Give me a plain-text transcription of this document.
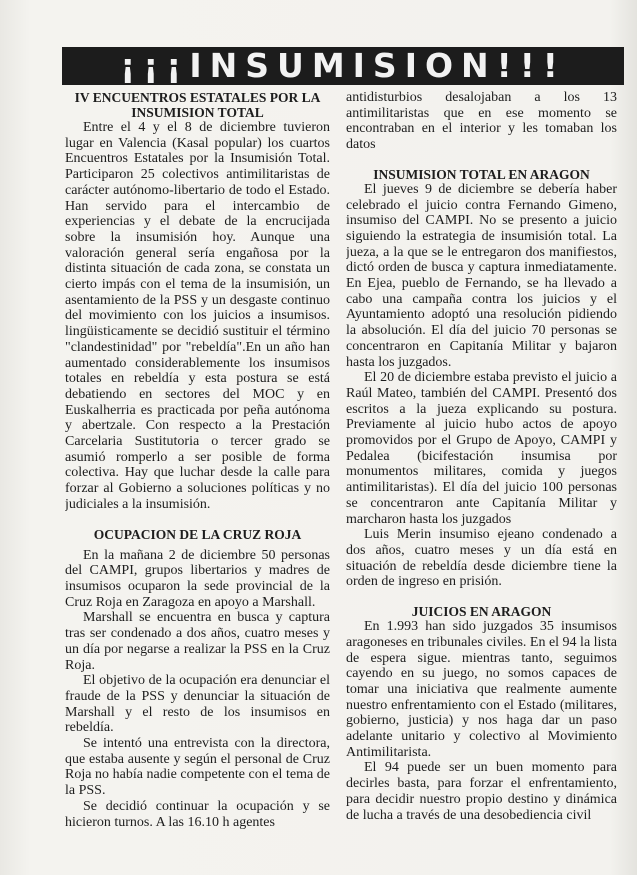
¡¡¡INSUMISION!!!
IV ENCUENTROS ESTATALES POR LA
INSUMISION TOTAL

Entre el 4 y el 8 de diciembre tuvieron lugar en Valencia (Kasal popular) los cuartos Encuentros Estatales por la Insumisión Total. Participaron 25 colectivos antimilitaristas de carácter autónomo-libertario de todo el Estado. Han servido para el intercambio de experiencias y el debate de la encrucijada sobre la insumisión hoy. Aunque una valoración general sería engañosa por la distinta situación de cada zona, se constata un cierto impás con el tema de la insumisión, un asentamiento de la PSS y un desgaste continuo del movimiento con los juicios a insumisos. lingüisticamente se decidió sustituir el término "clandestinidad" por "rebeldía".En un año han aumentado considerablemente los insumisos totales en rebeldía y esta postura se está debatiendo en sectores del MOC y en Euskalherria es practicada por peña autónoma y abertzale. Con respecto a la Prestación Carcelaria Sustitutoria o tercer grado se asumió romperlo a ser posible de forma colectiva. Hay que luchar desde la calle para forzar al Gobierno a soluciones políticas y no judiciales a la insumisión.

OCUPACION DE LA CRUZ ROJA

En la mañana 2 de diciembre 50 personas del CAMPI, grupos libertarios y madres de insumisos ocuparon la sede provincial de la Cruz Roja en Zaragoza en apoyo a Marshall.

Marshall se encuentra en busca y captura tras ser condenado a dos años, cuatro meses y un día por negarse a realizar la PSS en la Cruz Roja.

El objetivo de la ocupación era denunciar el fraude de la PSS y denunciar la situación de Marshall y el resto de los insumisos en rebeldía.

Se intentó una entrevista con la directora, que estaba ausente y según el personal de Cruz Roja no había nadie competente con el tema de la PSS.

Se decidió continuar la ocupación y se hicieron turnos. A las 16.10 h agentes

antidisturbios desalojaban a los 13 antimilitaristas que en ese momento se encontraban en el interior y les tomaban los datos

INSUMISION TOTAL EN ARAGON

El jueves 9 de diciembre se debería haber celebrado el juicio contra Fernando Gimeno, insumiso del CAMPI. No se presento a juicio siguiendo la estrategia de insumisión total. La jueza, a la que se le entregaron dos manifiestos, dictó orden de busca y captura inmediatamente. En Ejea, pueblo de Fernando, se ha llevado a cabo una campaña contra los juicios y el Ayuntamiento adoptó una resolución pidiendo la absolución. El día del juicio 70 personas se concentraron en Capitanía Militar y bajaron hasta los juzgados.

El 20 de diciembre estaba previsto el juicio a Raúl Mateo, también del CAMPI. Presentó dos escritos a la jueza explicando su postura. Previamente al juicio hubo actos de apoyo promovidos por el Grupo de Apoyo, CAMPI y Pedalea (bicifestación insumisa por monumentos militares, comida y juegos antimilitaristas). El día del juicio 100 personas se concentraron ante Capitanía Militar y marcharon hasta los juzgados

Luis Merin insumiso ejeano condenado a dos años, cuatro meses y un día está en situación de rebeldía desde diciembre tiene la orden de ingreso en prisión.

JUICIOS EN ARAGON

En 1.993 han sido juzgados 35 insumisos aragoneses en tribunales civiles. En el 94 la lista de espera sigue. mientras tanto, seguimos cayendo en su juego, no somos capaces de tomar una iniciativa que realmente aumente nuestro enfrentamiento con el Estado (militares, gobierno, justicia) y nos haga dar un paso adelante unitario y colectivo al Movimiento Antimilitarista.

El 94 puede ser un buen momento para decirles basta, para forzar el enfrentamiento, para decidir nuestro propio destino y dinámica de lucha a través de una desobediencia civil
